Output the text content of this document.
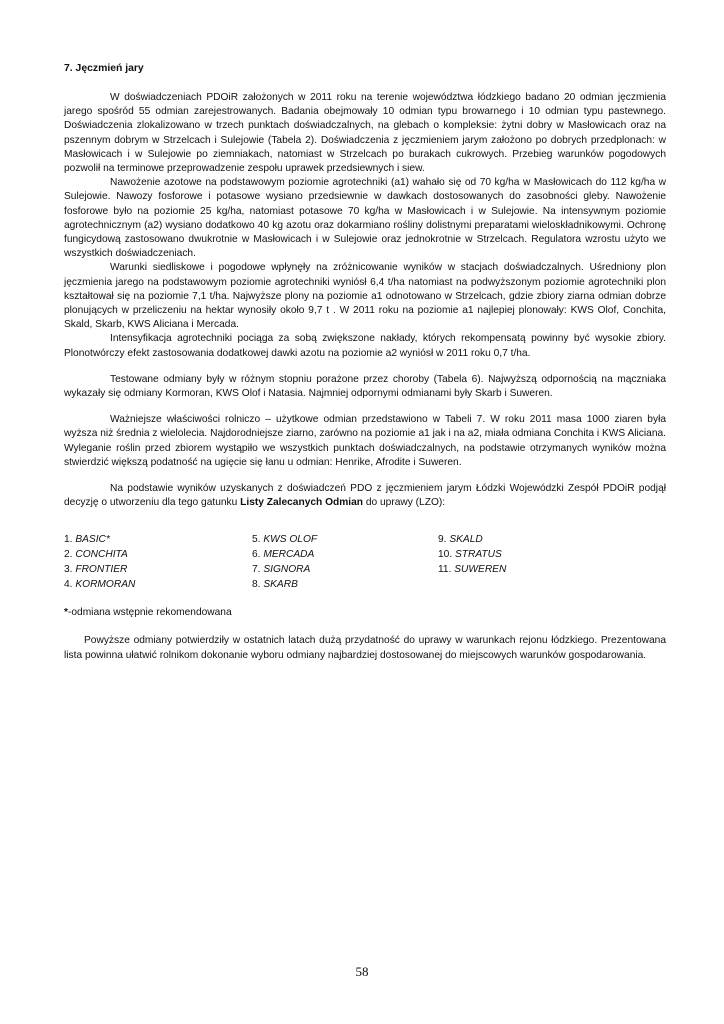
7. Jęczmień jary

W doświadczeniach PDOiR założonych w 2011 roku na terenie województwa łódzkiego badano 20 odmian jęczmienia jarego spośród 55 odmian zarejestrowanych. Badania obejmowały 10 odmian typu browarnego i 10 odmian typu pastewnego. Doświadczenia zlokalizowano w trzech punktach doświadczalnych, na glebach o kompleksie: żytni dobry w Masłowicach oraz na pszennym dobrym w Strzelcach i Sulejowie (Tabela 2). Doświadczenia z jęczmieniem jarym założono po dobrych przedplonach: w Masłowicach i w Sulejowie po ziemniakach, natomiast w Strzelcach po burakach cukrowych. Przebieg warunków pogodowych pozwolił na terminowe przeprowadzenie zespołu uprawek przedsiewnych i siew.

Nawożenie azotowe na podstawowym poziomie agrotechniki (a1) wahało się od 70 kg/ha w Masłowicach do 112 kg/ha w Sulejowie. Nawozy fosforowe i potasowe wysiano przedsiewnie w dawkach dostosowanych do zasobności gleby. Nawożenie fosforowe było na poziomie 25 kg/ha, natomiast potasowe 70 kg/ha w Masłowicach i w Sulejowie. Na intensywnym poziomie agrotechnicznym (a2) wysiano dodatkowo 40 kg azotu oraz dokarmiano rośliny dolistnymi preparatami wieloskładnikowymi. Ochronę fungicydową zastosowano dwukrotnie w Masłowicach i w Sulejowie oraz jednokrotnie w Strzelcach. Regulatora wzrostu użyto we wszystkich doświadczeniach.

Warunki siedliskowe i pogodowe wpłynęły na zróżnicowanie wyników w stacjach doświadczalnych. Uśredniony plon jęczmienia jarego na podstawowym poziomie agrotechniki wyniósł 6,4 t/ha natomiast na podwyższonym poziomie agrotechniki plon kształtował się na poziomie 7,1 t/ha. Najwyższe plony na poziomie a1 odnotowano w Strzelcach, gdzie zbiory ziarna odmian dobrze plonujących w przeliczeniu na hektar wynosiły około 9,7 t . W 2011 roku na poziomie a1 najlepiej plonowały: KWS Olof, Conchita, Skald, Skarb, KWS Aliciana i Mercada.

Intensyfikacja agrotechniki pociąga za sobą zwiększone nakłady, których rekompensatą powinny być wysokie zbiory. Plonotwórczy efekt zastosowania dodatkowej dawki azotu na poziomie a2 wyniósł w 2011 roku 0,7 t/ha.

Testowane odmiany były w różnym stopniu porażone przez choroby (Tabela 6). Najwyższą odpornością na mączniaka wykazały się odmiany Kormoran, KWS Olof i Natasia. Najmniej odpornymi odmianami były Skarb i Suweren.

Ważniejsze właściwości rolniczo – użytkowe odmian przedstawiono w Tabeli 7. W roku 2011 masa 1000 ziaren była wyższa niż średnia z wielolecia. Najdorodniejsze ziarno, zarówno na poziomie a1 jak i na a2, miała odmiana Conchita i KWS Aliciana. Wyleganie roślin przed zbiorem wystąpiło we wszystkich punktach doświadczalnych, na podstawie otrzymanych wyników można stwierdzić większą podatność na ugięcie się łanu u odmian: Henrike, Afrodite i Suweren.

Na podstawie wyników uzyskanych z doświadczeń PDO z jęczmieniem jarym Łódzki Wojewódzki Zespół PDOiR podjął decyzję o utworzeniu dla tego gatunku Listy Zalecanych Odmian do uprawy (LZO):

1. BASIC*
2. CONCHITA
3. FRONTIER
4. KORMORAN
5. KWS OLOF
6. MERCADA
7. SIGNORA
8. SKARB
9. SKALD
10. STRATUS
11. SUWEREN
*-odmiana wstępnie rekomendowana

Powyższe odmiany potwierdziły w ostatnich latach dużą przydatność do uprawy w warunkach rejonu łódzkiego. Prezentowana lista powinna ułatwić rolnikom dokonanie wyboru odmiany najbardziej dostosowanej do miejscowych warunków gospodarowania.

58
